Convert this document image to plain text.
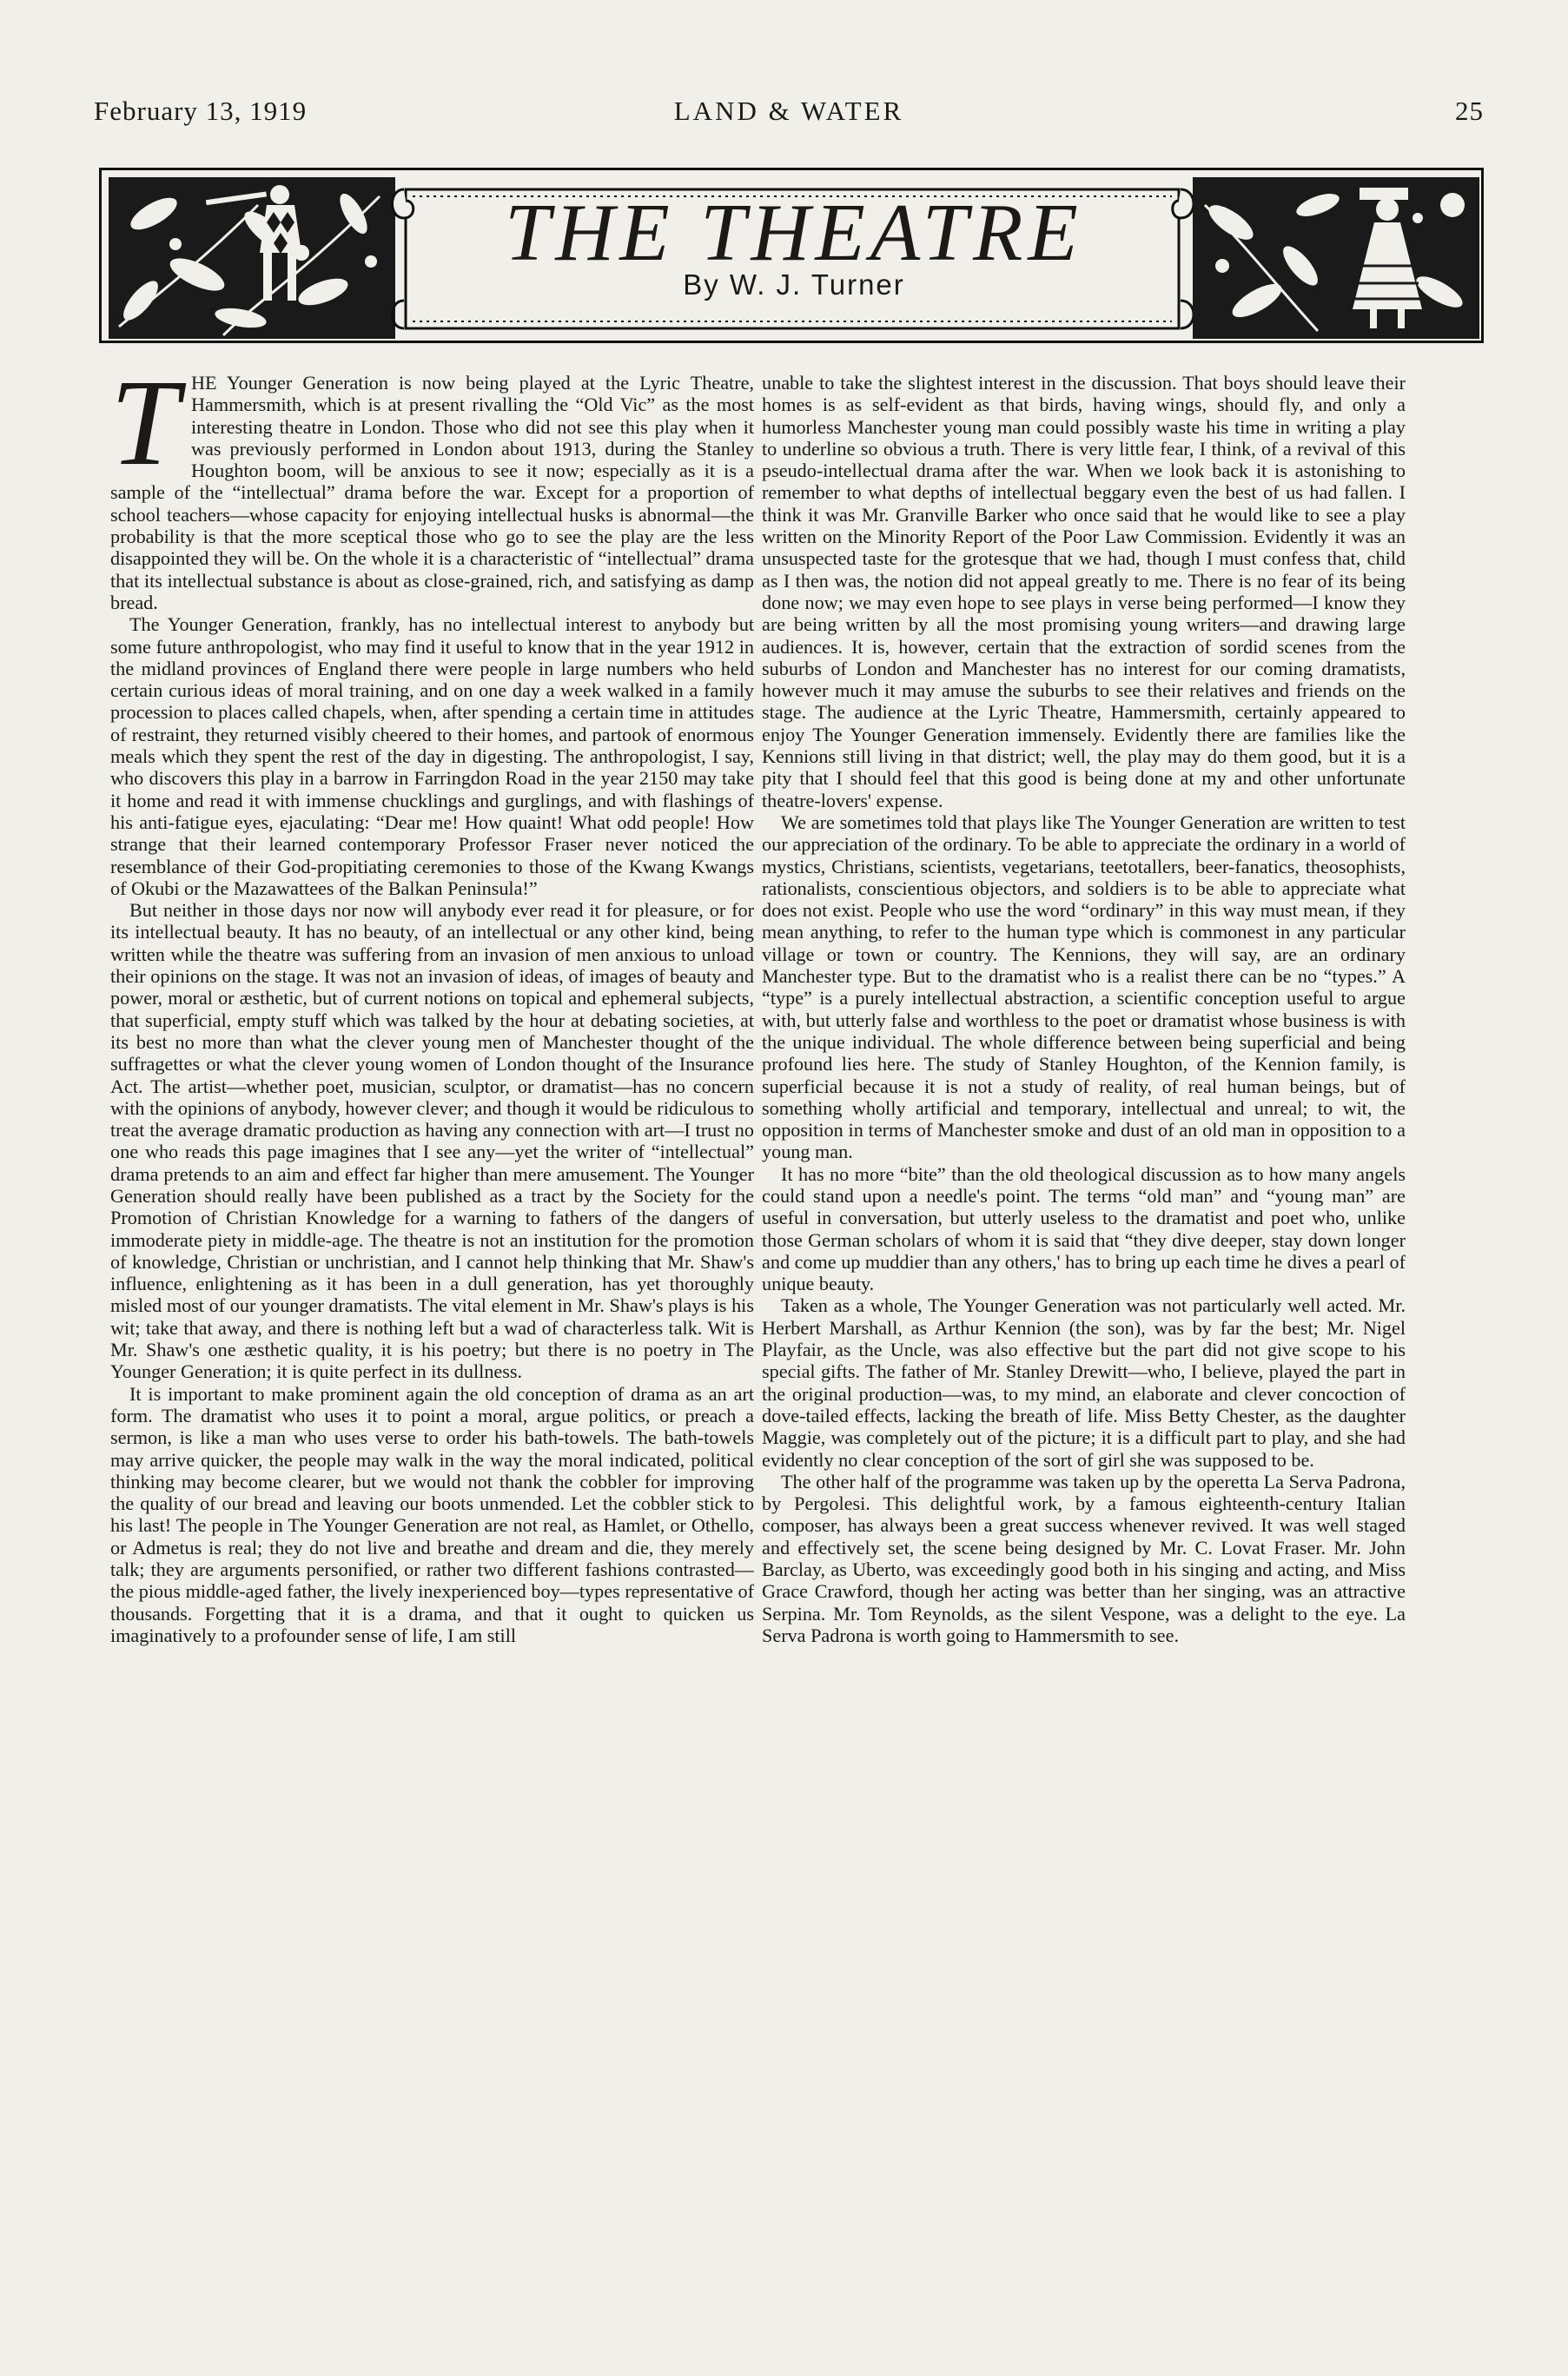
February 13, 1919	LAND & WATER	25
THE THEATRE
By W. J. Turner

THE Younger Generation is now being played at the Lyric Theatre, Hammersmith, which is at present rivalling the “Old Vic” as the most interesting theatre in London. Those who did not see this play when it was previously performed in London about 1913, during the Stanley Houghton boom, will be anxious to see it now; especially as it is a sample of the “intellectual” drama before the war. Except for a proportion of school teachers—whose capacity for enjoying intellectual husks is abnormal—the probability is that the more sceptical those who go to see the play are the less disappointed they will be. On the whole it is a characteristic of “intellectual” drama that its intellectual substance is about as close-grained, rich, and satisfying as damp bread.

The Younger Generation, frankly, has no intellectual interest to anybody but some future anthropologist, who may find it useful to know that in the year 1912 in the midland provinces of England there were people in large numbers who held certain curious ideas of moral training, and on one day a week walked in a family procession to places called chapels, when, after spending a certain time in attitudes of restraint, they returned visibly cheered to their homes, and partook of enormous meals which they spent the rest of the day in digesting. The anthropologist, I say, who discovers this play in a barrow in Farringdon Road in the year 2150 may take it home and read it with immense chucklings and gurglings, and with flashings of his anti-fatigue eyes, ejaculating: “Dear me! How quaint! What odd people! How strange that their learned contemporary Professor Fraser never noticed the resemblance of their God-propitiating ceremonies to those of the Kwang Kwangs of Okubi or the Mazawattees of the Balkan Peninsula!”

But neither in those days nor now will anybody ever read it for pleasure, or for its intellectual beauty. It has no beauty, of an intellectual or any other kind, being written while the theatre was suffering from an invasion of men anxious to unload their opinions on the stage. It was not an invasion of ideas, of images of beauty and power, moral or æsthetic, but of current notions on topical and ephemeral subjects, that superficial, empty stuff which was talked by the hour at debating societies, at its best no more than what the clever young men of Manchester thought of the suffragettes or what the clever young women of London thought of the Insurance Act. The artist—whether poet, musician, sculptor, or dramatist—has no concern with the opinions of anybody, however clever; and though it would be ridiculous to treat the average dramatic production as having any connection with art—I trust no one who reads this page imagines that I see any—yet the writer of “intellectual” drama pretends to an aim and effect far higher than mere amusement. The Younger Generation should really have been published as a tract by the Society for the Promotion of Christian Knowledge for a warning to fathers of the dangers of immoderate piety in middle-age. The theatre is not an institution for the promotion of knowledge, Christian or unchristian, and I cannot help thinking that Mr. Shaw's influence, enlightening as it has been in a dull generation, has yet thoroughly misled most of our younger dramatists. The vital element in Mr. Shaw's plays is his wit; take that away, and there is nothing left but a wad of characterless talk. Wit is Mr. Shaw's one æsthetic quality, it is his poetry; but there is no poetry in The Younger Generation; it is quite perfect in its dullness.

It is important to make prominent again the old conception of drama as an art form. The dramatist who uses it to point a moral, argue politics, or preach a sermon, is like a man who uses verse to order his bath-towels. The bath-towels may arrive quicker, the people may walk in the way the moral indicated, political thinking may become clearer, but we would not thank the cobbler for improving the quality of our bread and leaving our boots unmended. Let the cobbler stick to his last! The people in The Younger Generation are not real, as Hamlet, or Othello, or Admetus is real; they do not live and breathe and dream and die, they merely talk; they are arguments personified, or rather two different fashions contrasted—the pious middle-aged father, the lively inexperienced boy—types representative of thousands. Forgetting that it is a drama, and that it ought to quicken us imaginatively to a profounder sense of life, I am still

unable to take the slightest interest in the discussion. That boys should leave their homes is as self-evident as that birds, having wings, should fly, and only a humorless Manchester young man could possibly waste his time in writing a play to underline so obvious a truth. There is very little fear, I think, of a revival of this pseudo-intellectual drama after the war. When we look back it is astonishing to remember to what depths of intellectual beggary even the best of us had fallen. I think it was Mr. Granville Barker who once said that he would like to see a play written on the Minority Report of the Poor Law Commission. Evidently it was an unsuspected taste for the grotesque that we had, though I must confess that, child as I then was, the notion did not appeal greatly to me. There is no fear of its being done now; we may even hope to see plays in verse being performed—I know they are being written by all the most promising young writers—and drawing large audiences. It is, however, certain that the extraction of sordid scenes from the suburbs of London and Manchester has no interest for our coming dramatists, however much it may amuse the suburbs to see their relatives and friends on the stage. The audience at the Lyric Theatre, Hammersmith, certainly appeared to enjoy The Younger Generation immensely. Evidently there are families like the Kennions still living in that district; well, the play may do them good, but it is a pity that I should feel that this good is being done at my and other unfortunate theatre-lovers' expense.

We are sometimes told that plays like The Younger Generation are written to test our appreciation of the ordinary. To be able to appreciate the ordinary in a world of mystics, Christians, scientists, vegetarians, teetotallers, beer-fanatics, theosophists, rationalists, conscientious objectors, and soldiers is to be able to appreciate what does not exist. People who use the word “ordinary” in this way must mean, if they mean anything, to refer to the human type which is commonest in any particular village or town or country. The Kennions, they will say, are an ordinary Manchester type. But to the dramatist who is a realist there can be no “types.” A “type” is a purely intellectual abstraction, a scientific conception useful to argue with, but utterly false and worthless to the poet or dramatist whose business is with the unique individual. The whole difference between being superficial and being profound lies here. The study of Stanley Houghton, of the Kennion family, is superficial because it is not a study of reality, of real human beings, but of something wholly artificial and temporary, intellectual and unreal; to wit, the opposition in terms of Manchester smoke and dust of an old man in opposition to a young man.

It has no more “bite” than the old theological discussion as to how many angels could stand upon a needle's point. The terms “old man” and “young man” are useful in conversation, but utterly useless to the dramatist and poet who, unlike those German scholars of whom it is said that “they dive deeper, stay down longer and come up muddier than any others,' has to bring up each time he dives a pearl of unique beauty.

Taken as a whole, The Younger Generation was not particularly well acted. Mr. Herbert Marshall, as Arthur Kennion (the son), was by far the best; Mr. Nigel Playfair, as the Uncle, was also effective but the part did not give scope to his special gifts. The father of Mr. Stanley Drewitt—who, I believe, played the part in the original production—was, to my mind, an elaborate and clever concoction of dove-tailed effects, lacking the breath of life. Miss Betty Chester, as the daughter Maggie, was completely out of the picture; it is a difficult part to play, and she had evidently no clear conception of the sort of girl she was supposed to be.

The other half of the programme was taken up by the operetta La Serva Padrona, by Pergolesi. This delightful work, by a famous eighteenth-century Italian composer, has always been a great success whenever revived. It was well staged and effectively set, the scene being designed by Mr. C. Lovat Fraser. Mr. John Barclay, as Uberto, was exceedingly good both in his singing and acting, and Miss Grace Crawford, though her acting was better than her singing, was an attractive Serpina. Mr. Tom Reynolds, as the silent Vespone, was a delight to the eye. La Serva Padrona is worth going to Hammersmith to see.
